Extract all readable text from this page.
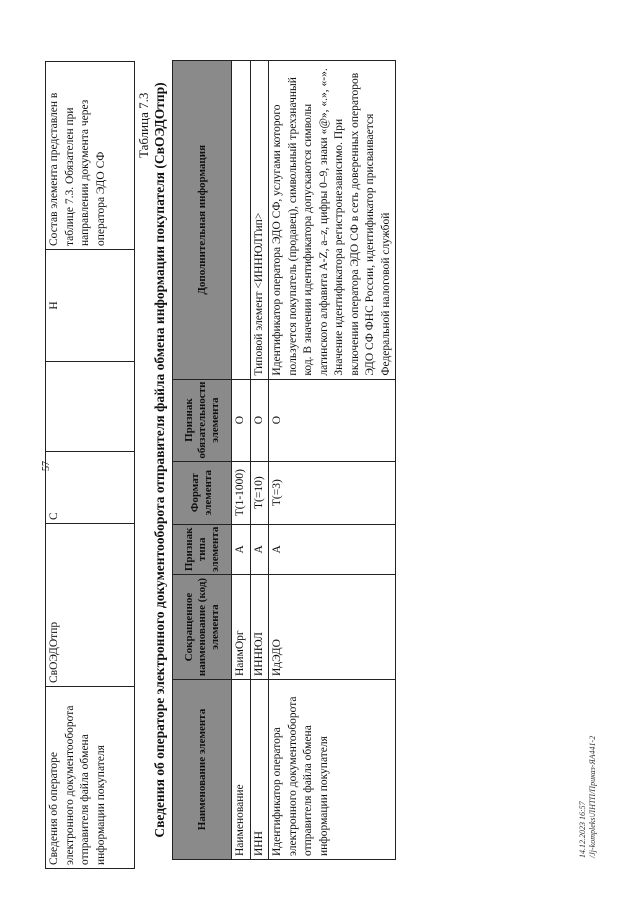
57
Сведения об операторе электронного документооборота отправителя файла обмена информации покупателя	СвОЭДОтпр	С		Н	Состав элемента представлен в таблице 7.3. Обязателен при направлении документа через оператора ЭДО СФ
Таблица 7.3 Сведения об операторе электронного документооборота отправителя файла обмена информации покупателя (СвОЭДОтпр)	Наименование элемента	Сокращенное наименование (код) элемента	Признак типа элемента	Формат элемента	Признак обязательности элемента	Дополнительная информация
Наименование	НаимОрг	А	T(1-1000)	О	
ИНН	ИННЮЛ	А	T(=10)	О	Типовой элемент <ИННЮЛТип>
Идентификатор оператора электронного документооборота отправителя файла обмена информации покупателя	ИдЭДО	А	T(=3)	О	Идентификатор оператора ЭДО СФ, услугами которого пользуется покупатель (продавец), символьный трехзначный код. В значении идентификатора допускаются символы латинского алфавита A-Z, a–z, цифры 0–9, знаки «@», «.», «-». Значение идентификатора регистронезависимо. При включении оператора ЭДО СФ в сеть доверенных операторов ЭДО СФ ФНС России, идентификатор присваивается Федеральной налоговой службой
14.12.2023 16:57 /Jj-kompleks\ЛНТП/Приказ-ЯА441-2
